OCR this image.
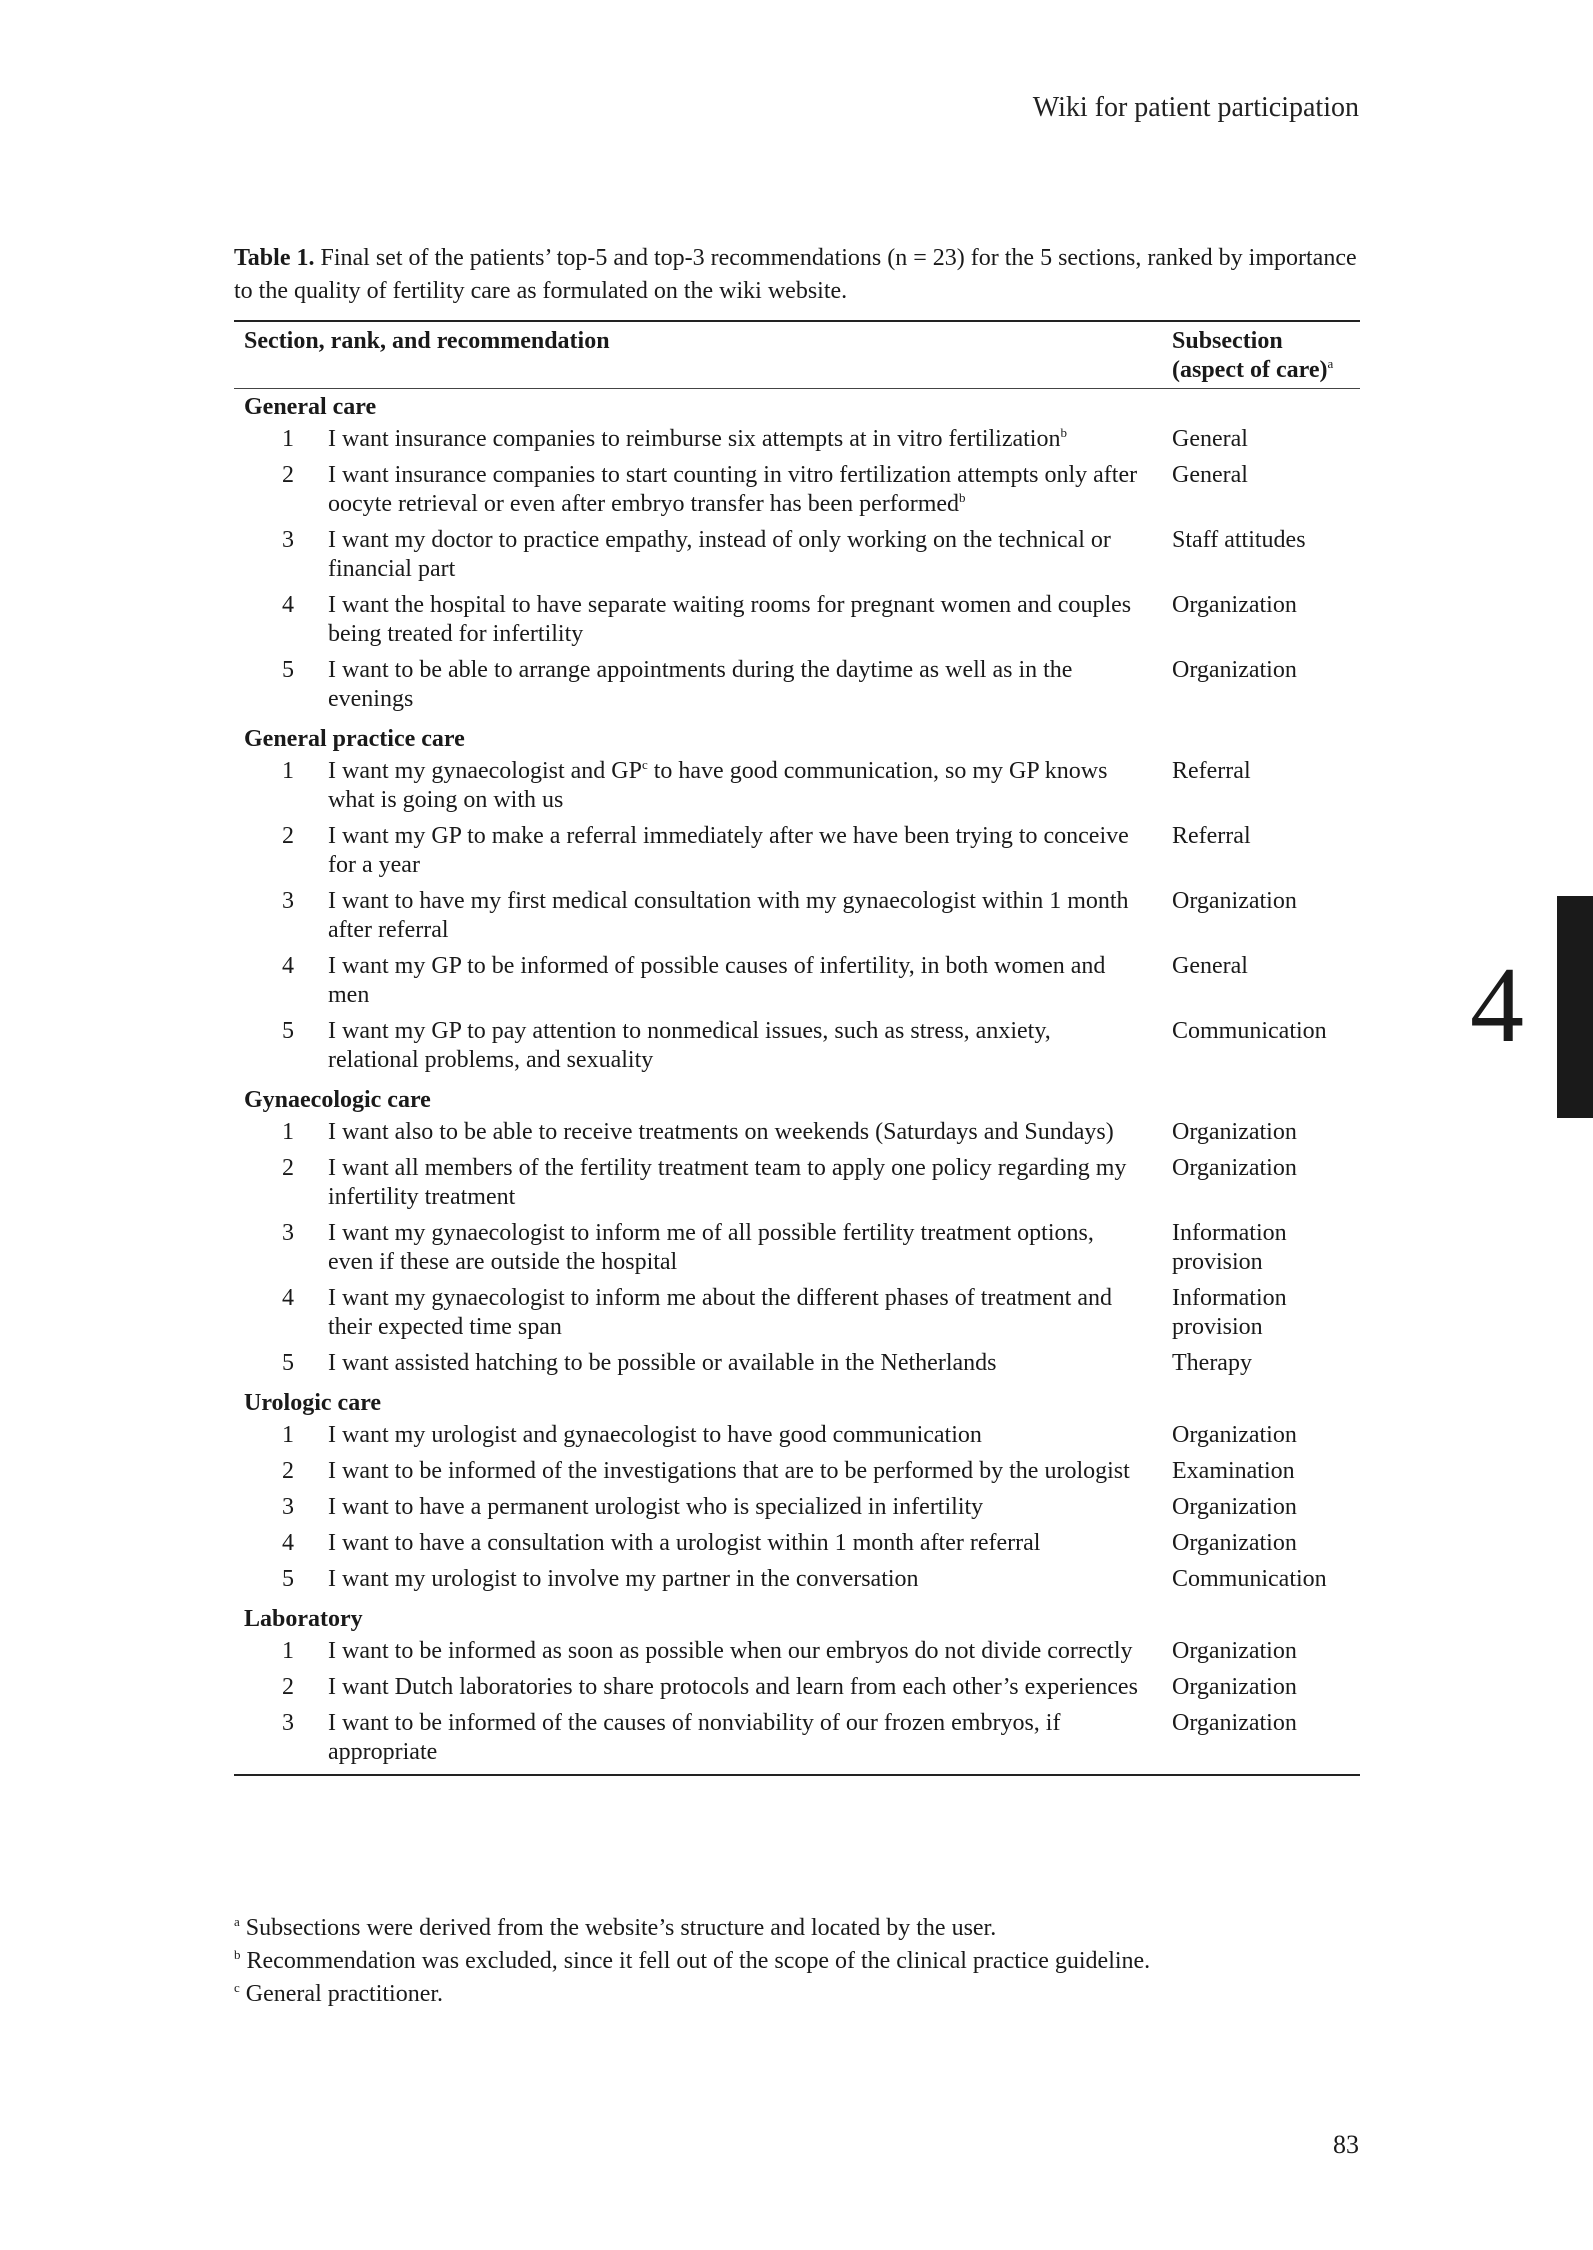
Wiki for patient participation
Table 1. Final set of the patients’ top-5 and top-3 recommendations (n = 23) for the 5 sections, ranked by importance to the quality of fertility care as formulated on the wiki website.
Section, rank, and recommendation	Subsection (aspect of care)$^a$
General care
1 I want insurance companies to reimburse six attempts at in vitro fertilization$^b$	General
2 I want insurance companies to start counting in vitro fertilization attempts only after oocyte retrieval or even after embryo transfer has been performed$^b$
General
3 I want my doctor to practice empathy, instead of only working on the technical or financial part
Staff attitudes
4 I want the hospital to have separate waiting rooms for pregnant women and couples being treated for infertility
Organization
5 I want to be able to arrange appointments during the daytime as well as in the evenings
Organization
General practice care
1 I want my gynaecologist and $GP^c$ to have good communication, so my GP knows what is going on with us
Referral
2 I want my GP to make a referral immediately after we have been trying to conceive for a year
Referral
3 I want to have my first medical consultation with my gynaecologist within 1 month after referral
Organization
4 I want my GP to be informed of possible causes of infertility, in both women and men
General
5 I want my GP to pay attention to nonmedical issues, such as stress, anxiety, relational problems, and sexuality
Communication
Gynaecologic care
1 I want also to be able to receive treatments on weekends (Saturdays and Sundays)	Organization
2 I want all members of the fertility treatment team to apply one policy regarding my infertility treatment
Organization
3 I want my gynaecologist to inform me of all possible fertility treatment options, even if these are outside the hospital
Information provision
4 I want my gynaecologist to inform me about the different phases of treatment and their expected time span
Information provision
5 I want assisted hatching to be possible or available in the Netherlands	Therapy
Urologic care
1 I want my urologist and gynaecologist to have good communication	Organization
2 I want to be informed of the investigations that are to be performed by the urologist	Examination
3 I want to have a permanent urologist who is specialized in infertility	Organization
4 I want to have a consultation with a urologist within 1 month after referral	Organization
5 I want my urologist to involve my partner in the conversation	Communication
Laboratory
1 I want to be informed as soon as possible when our embryos do not divide correctly	Organization
2 I want Dutch laboratories to share protocols and learn from each other’s experiences Organization
3 I want to be informed of the causes of nonviability of our frozen embryos, if appropriate
Organization
$^a$ Subsections were derived from the website’s structure and located by the user.
$^b$ Recommendation was excluded, since it fell out of the scope of the clinical practice guideline.
$^c$ General practitioner.
4
83
